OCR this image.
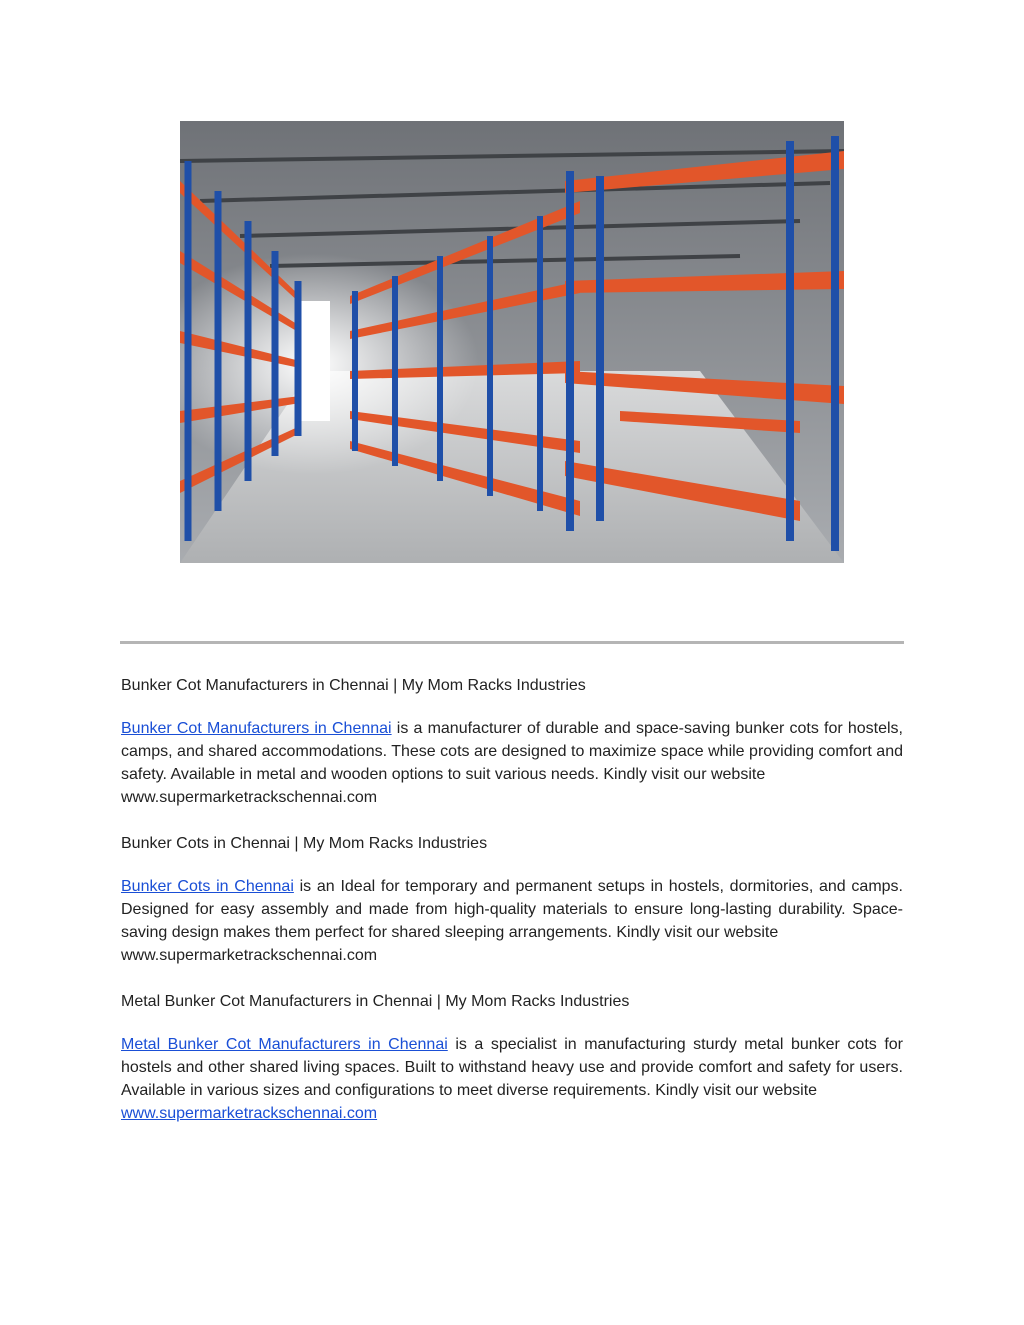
Bunker Cot Manufacturers in Chennai | My Mom Racks Industries

Bunker Cot Manufacturers in Chennai is a manufacturer of durable and space-saving bunker cots for hostels, camps, and shared accommodations. These cots are designed to maximize space while providing comfort and safety. Available in metal and wooden options to suit various needs. Kindly visit our website
www.supermarketrackschennai.com

Bunker Cots in Chennai | My Mom Racks Industries

Bunker Cots in Chennai is an Ideal for temporary and permanent setups in hostels, dormitories, and camps. Designed for easy assembly and made from high-quality materials to ensure long-lasting durability. Space-saving design makes them perfect for shared sleeping arrangements. Kindly visit our website
www.supermarketrackschennai.com

Metal Bunker Cot Manufacturers in Chennai | My Mom Racks Industries

Metal Bunker Cot Manufacturers in Chennai is a specialist in manufacturing sturdy metal bunker cots for hostels and other shared living spaces. Built to withstand heavy use and provide comfort and safety for users. Available in various sizes and configurations to meet diverse requirements. Kindly visit our website
www.supermarketrackschennai.com
